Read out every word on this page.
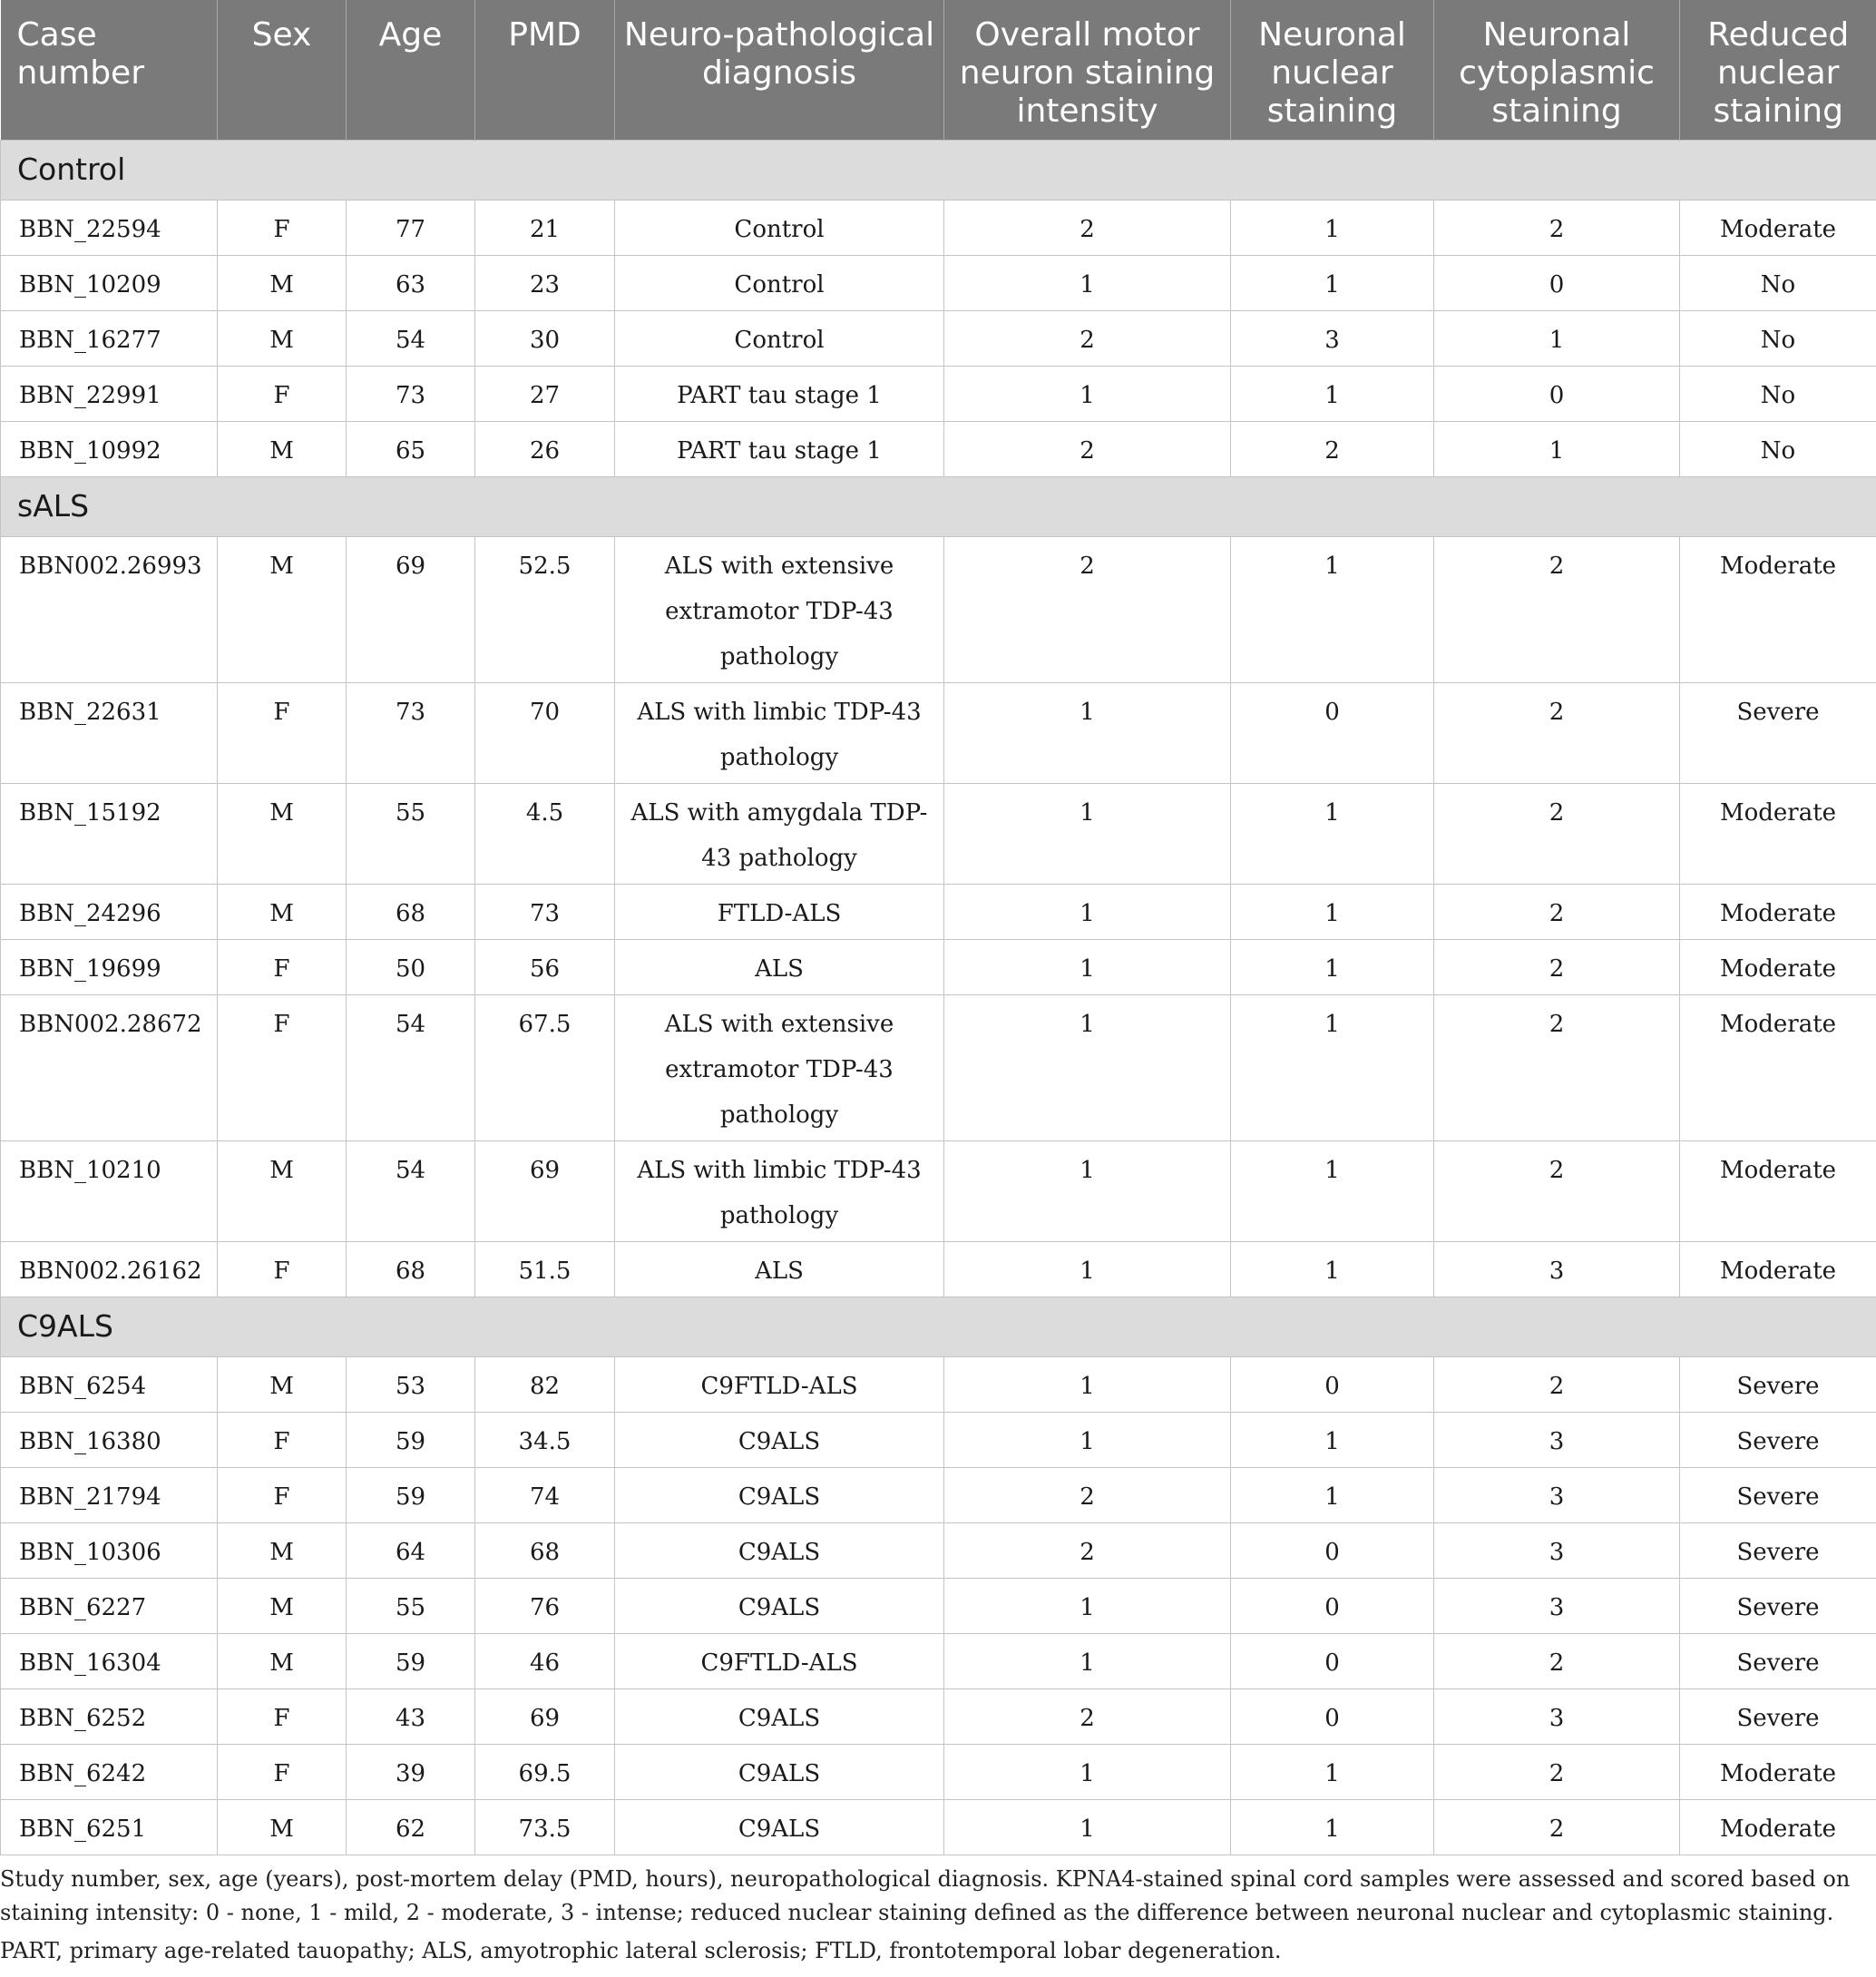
Case number	Sex	Age	PMD	Neuro-pathological diagnosis	Overall motor neuron staining intensity	Neuronal nuclear staining	Neuronal cytoplasmic staining	Reduced nuclear staining
Control								
BBN_22594	F	77	21	Control	2	1	2	Moderate
BBN_10209	M	63	23	Control	1	1	0	No
BBN_16277	M	54	30	Control	2	3	1	No
BBN_22991	F	73	27	PART tau stage 1	1	1	0	No
BBN_10992	M	65	26	PART tau stage 1	2	2	1	No
sALS								
BBN002.26993	M	69	52.5	ALS with extensive extramotor TDP-43 pathology	2	1	2	Moderate
BBN_22631	F	73	70	ALS with limbic TDP-43 pathology	1	0	2	Severe
BBN_15192	M	55	4.5	ALS with amygdala TDP-43 pathology	1	1	2	Moderate
BBN_24296	M	68	73	FTLD-ALS	1	1	2	Moderate
BBN_19699	F	50	56	ALS	1	1	2	Moderate
BBN002.28672	F	54	67.5	ALS with extensive extramotor TDP-43 pathology	1	1	2	Moderate
BBN_10210	M	54	69	ALS with limbic TDP-43 pathology	1	1	2	Moderate
BBN002.26162	F	68	51.5	ALS	1	1	3	Moderate
C9ALS								
BBN_6254	M	53	82	C9FTLD-ALS	1	0	2	Severe
BBN_16380	F	59	34.5	C9ALS	1	1	3	Severe
BBN_21794	F	59	74	C9ALS	2	1	3	Severe
BBN_10306	M	64	68	C9ALS	2	0	3	Severe
BBN_6227	M	55	76	C9ALS	1	0	3	Severe
BBN_16304	M	59	46	C9FTLD-ALS	1	0	2	Severe
BBN_6252	F	43	69	C9ALS	2	0	3	Severe
BBN_6242	F	39	69.5	C9ALS	1	1	2	Moderate
BBN_6251	M	62	73.5	C9ALS	1	1	2	Moderate
Study number, sex, age (years), post-mortem delay (PMD, hours), neuropathological diagnosis. KPNA4-stained spinal cord samples were assessed and scored based on staining intensity: 0 - none, 1 - mild, 2 - moderate, 3 - intense; reduced nuclear staining defined as the difference between neuronal nuclear and cytoplasmic staining.
PART, primary age-related tauopathy; ALS, amyotrophic lateral sclerosis; FTLD, frontotemporal lobar degeneration.
